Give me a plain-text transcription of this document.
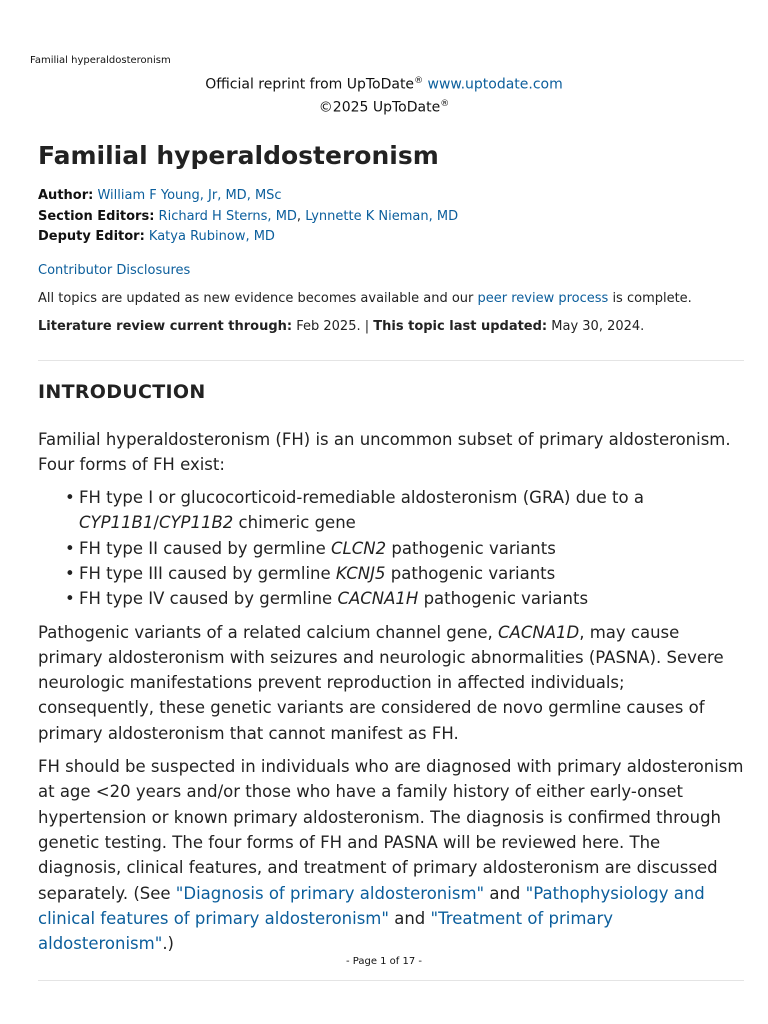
Familial hyperaldosteronism
Official reprint from UpToDate® www.uptodate.com
©2025 UpToDate®
Familial hyperaldosteronism
Author: William F Young, Jr, MD, MSc
Section Editors: Richard H Sterns, MD, Lynnette K Nieman, MD
Deputy Editor: Katya Rubinow, MD
Contributor Disclosures
All topics are updated as new evidence becomes available and our peer review process is complete.
Literature review current through: Feb 2025. | This topic last updated: May 30, 2024.
INTRODUCTION

Familial hyperaldosteronism (FH) is an uncommon subset of primary aldosteronism. Four forms of FH exist:

• FH type I or glucocorticoid-remediable aldosteronism (GRA) due to a CYP11B1/CYP11B2 chimeric gene
• FH type II caused by germline CLCN2 pathogenic variants
• FH type III caused by germline KCNJ5 pathogenic variants
• FH type IV caused by germline CACNA1H pathogenic variants

Pathogenic variants of a related calcium channel gene, CACNA1D, may cause primary aldosteronism with seizures and neurologic abnormalities (PASNA). Severe neurologic manifestations prevent reproduction in affected individuals; consequently, these genetic variants are considered de novo germline causes of primary aldosteronism that cannot manifest as FH.

FH should be suspected in individuals who are diagnosed with primary aldosteronism at age <20 years and/or those who have a family history of either early-onset hypertension or known primary aldosteronism. The diagnosis is confirmed through genetic testing. The four forms of FH and PASNA will be reviewed here. The diagnosis, clinical features, and treatment of primary aldosteronism are discussed separately. (See "Diagnosis of primary aldosteronism" and "Pathophysiology and clinical features of primary aldosteronism" and "Treatment of primary aldosteronism".)

- Page 1 of 17 -
